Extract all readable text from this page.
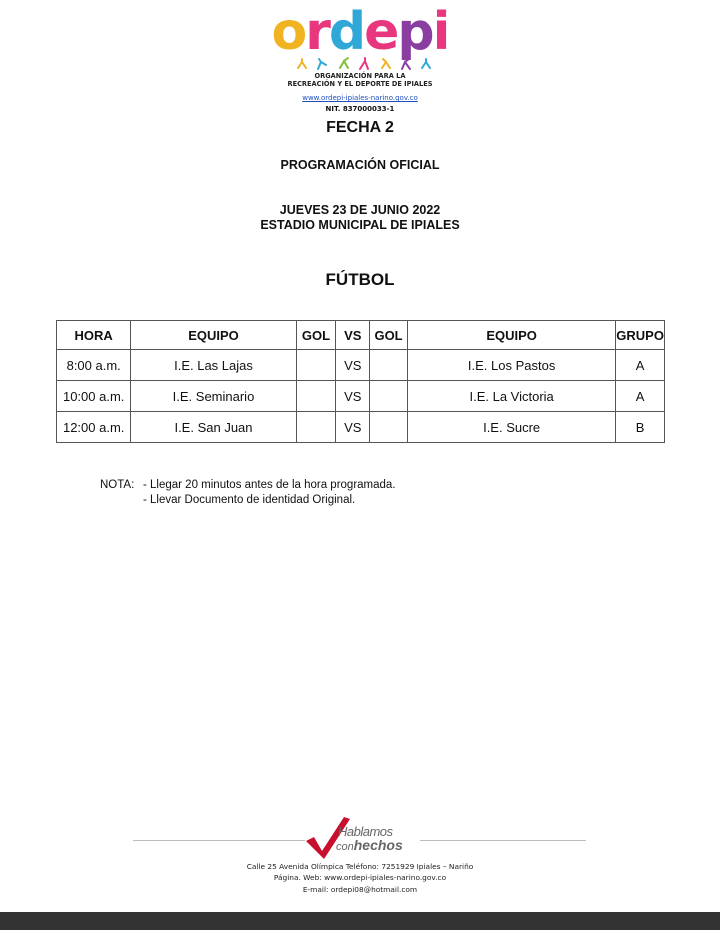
ordepi
ORGANIZACIÓN PARA LA
RECREACIÓN Y EL DEPORTE DE IPIALES
www.ordepi-ipiales-narino.gov.co
NIT. 837000033-1
FECHA 2
PROGRAMACIÓN OFICIAL
JUEVES 23 DE JUNIO 2022
ESTADIO MUNICIPAL DE IPIALES
FÚTBOL
HORA	EQUIPO	GOL	VS	GOL	EQUIPO	GRUPO
8:00 a.m.	I.E. Las Lajas		VS		I.E. Los Pastos	A
10:00 a.m.	I.E. Seminario		VS		I.E. La Victoria	A
12:00 a.m.	I.E. San Juan		VS		I.E. Sucre	B
NOTA: - Llegar 20 minutos antes de la hora programada.
- Llevar Documento de identidad Original.
Hablamos
conhechos
Calle 25 Avenida Olímpica Teléfono: 7251929 Ipiales – Nariño
Página. Web: www.ordepi-ipiales-narino.gov.co
E-mail: ordepi08@hotmail.com
